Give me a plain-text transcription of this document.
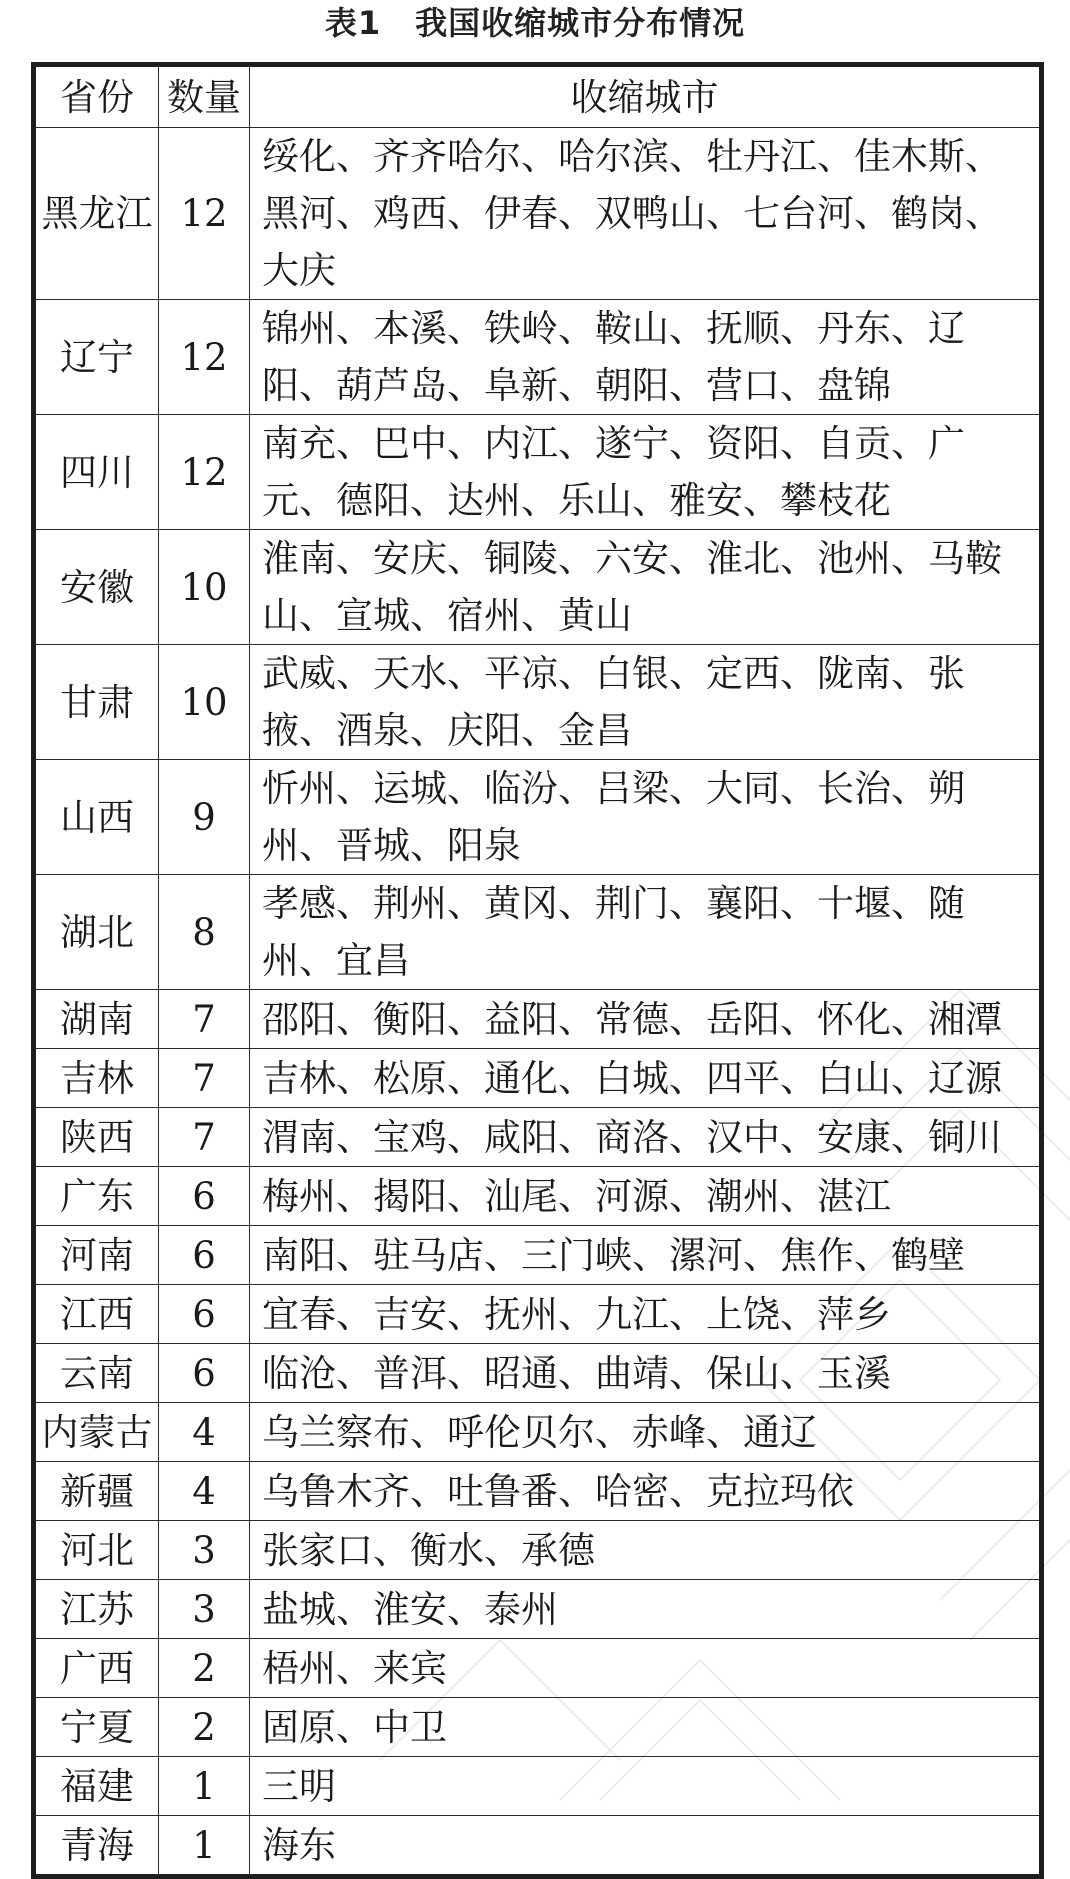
表1 我国收缩城市分布情况
省份	数量	收缩城市
黑龙江	12	绥化、齐齐哈尔、哈尔滨、牡丹江、佳木斯、黑河、鸡西、伊春、双鸭山、七台河、鹤岗、大庆
辽宁	12	锦州、本溪、铁岭、鞍山、抚顺、丹东、辽阳、葫芦岛、阜新、朝阳、营口、盘锦
四川	12	南充、巴中、内江、遂宁、资阳、自贡、广元、德阳、达州、乐山、雅安、攀枝花
安徽	10	淮南、安庆、铜陵、六安、淮北、池州、马鞍山、宣城、宿州、黄山
甘肃	10	武威、天水、平凉、白银、定西、陇南、张掖、酒泉、庆阳、金昌
山西	9	忻州、运城、临汾、吕梁、大同、长治、朔州、晋城、阳泉
湖北	8	孝感、荆州、黄冈、荆门、襄阳、十堰、随州、宜昌
湖南	7	邵阳、衡阳、益阳、常德、岳阳、怀化、湘潭
吉林	7	吉林、松原、通化、白城、四平、白山、辽源
陕西	7	渭南、宝鸡、咸阳、商洛、汉中、安康、铜川
广东	6	梅州、揭阳、汕尾、河源、潮州、湛江
河南	6	南阳、驻马店、三门峡、漯河、焦作、鹤壁
江西	6	宜春、吉安、抚州、九江、上饶、萍乡
云南	6	临沧、普洱、昭通、曲靖、保山、玉溪
内蒙古	4	乌兰察布、呼伦贝尔、赤峰、通辽
新疆	4	乌鲁木齐、吐鲁番、哈密、克拉玛依
河北	3	张家口、衡水、承德
江苏	3	盐城、淮安、泰州
广西	2	梧州、来宾
宁夏	2	固原、中卫
福建	1	三明
青海	1	海东
